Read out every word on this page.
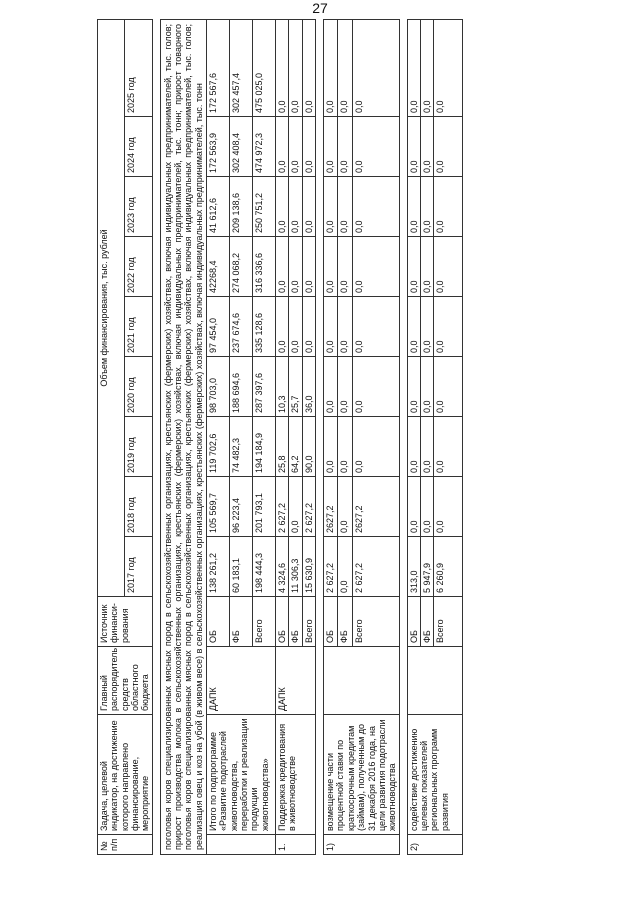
27
№ п/п	Задача, целевой индикатор, на достижение которого направлено финансирование, мероприятие	Главный распорядитель средств областного бюджета	Источник финанси-рования	Объем финансирования, тыс. рублей								
				2017 год	2018 год	2019 год	2020 год	2021 год	2022 год	2023 год	2024 год	2025 год

поголовья коров специализированных мясных пород в сельскохозяйственных организациях, крестьянских (фермерских) хозяйствах, включая индивидуальных предпринимателей, тыс. голов; прирост производства молока в сельскохозяйственных организациях, крестьянских (фермерских) хозяйствах, включая индивидуальных предпринимателей, тыс. тонн; прирост товарного поголовья коров специализированных мясных пород в сельскохозяйственных организациях, крестьянских (фермерских) хозяйствах, включая индивидуальных предпринимателей, тыс. голов; реализация овец и коз на убой (в живом весе) в сельскохозяйственных организациях, крестьянских (фермерских) хозяйствах, включая индивидуальных предпринимателей, тыс. тонн												
	Итого по подпрограмме «Развитие подотраслей животноводства, переработки и реализации продукции животноводства»	ДАПК	ОБ	138 261,2	105 569,7	119 702,6	98 703,0	97 454,0	42268,4	41 612,6	172 563,9	172 567,6
			ФБ	60 183,1	96 223,4	74 482,3	188 694,6	237 674,6	274 068,2	209 138,6	302 408,4	302 457,4
			Всего	198 444,3	201 793,1	194 184,9	287 397,6	335 128,6	316 336,6	250 751,2	474 972,3	475 025,0
1.	Поддержка кредитования в животноводстве	ДАПК	ОБ	4 324,6	2 627,2	25,8	10,3	0,0	0,0	0,0	0,0	0,0
			ФБ	11 306,3	0,0	64,2	25,7	0,0	0,0	0,0	0,0	0,0
			Всего	15 630,9	2 627,2	90,0	36,0	0,0	0,0	0,0	0,0	0,0

1)	возмещение части процентной ставки по краткосрочным кредитам (займам), полученным до 31 декабря 2016 года, на цели развития подотрасли животноводства		ОБ	2 627,2	2627,2	0,0	0,0	0,0	0,0	0,0	0,0	0,0
			ФБ	0,0	0,0	0,0	0,0	0,0	0,0	0,0	0,0	0,0
			Всего	2 627,2	2627,2	0,0	0,0	0,0	0,0	0,0	0,0	0,0

2)	содействие достижению целевых показателей региональных программ развития		ОБ	313,0	0,0	0,0	0,0	0,0	0,0	0,0	0,0	0,0
			ФБ	5 947,9	0,0	0,0	0,0	0,0	0,0	0,0	0,0	0,0
			Всего	6 260,9	0,0	0,0	0,0	0,0	0,0	0,0	0,0	0,0
